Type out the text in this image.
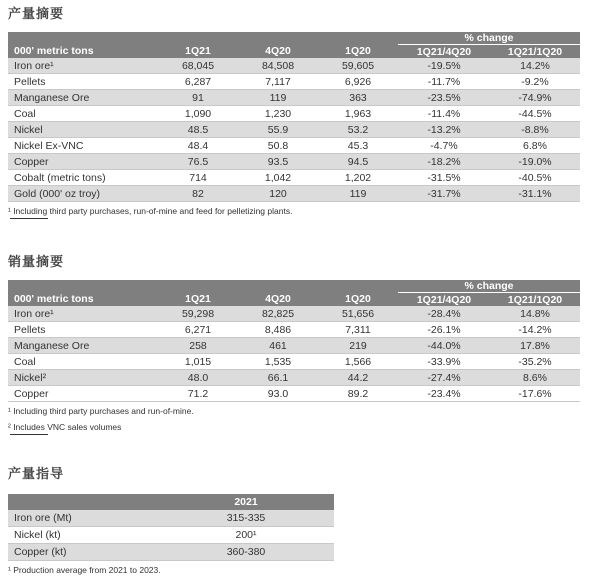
产量摘要
				% change	
000' metric tons	1Q21	4Q20	1Q20	1Q21/4Q20	1Q21/1Q20
Iron ore¹	68,045	84,508	59,605	-19.5%	14.2%
Pellets	6,287	7,117	6,926	-11.7%	-9.2%
Manganese Ore	91	119	363	-23.5%	-74.9%
Coal	1,090	1,230	1,963	-11.4%	-44.5%
Nickel	48.5	55.9	53.2	-13.2%	-8.8%
Nickel Ex-VNC	48.4	50.8	45.3	-4.7%	6.8%
Copper	76.5	93.5	94.5	-18.2%	-19.0%
Cobalt (metric tons)	714	1,042	1,202	-31.5%	-40.5%
Gold (000' oz troy)	82	120	119	-31.7%	-31.1%
¹ Including third party purchases, run-of-mine and feed for pelletizing plants.
销量摘要
				% change	
000' metric tons	1Q21	4Q20	1Q20	1Q21/4Q20	1Q21/1Q20
Iron ore¹	59,298	82,825	51,656	-28.4%	14.8%
Pellets	6,271	8,486	7,311	-26.1%	-14.2%
Manganese Ore	258	461	219	-44.0%	17.8%
Coal	1,015	1,535	1,566	-33.9%	-35.2%
Nickel²	48.0	66.1	44.2	-27.4%	8.6%
Copper	71.2	93.0	89.2	-23.4%	-17.6%
¹ Including third party purchases and run-of-mine.
² Includes VNC sales volumes
产量指导
	2021
Iron ore (Mt)	315-335
Nickel (kt)	200¹
Copper (kt)	360-380
¹ Production average from 2021 to 2023.
